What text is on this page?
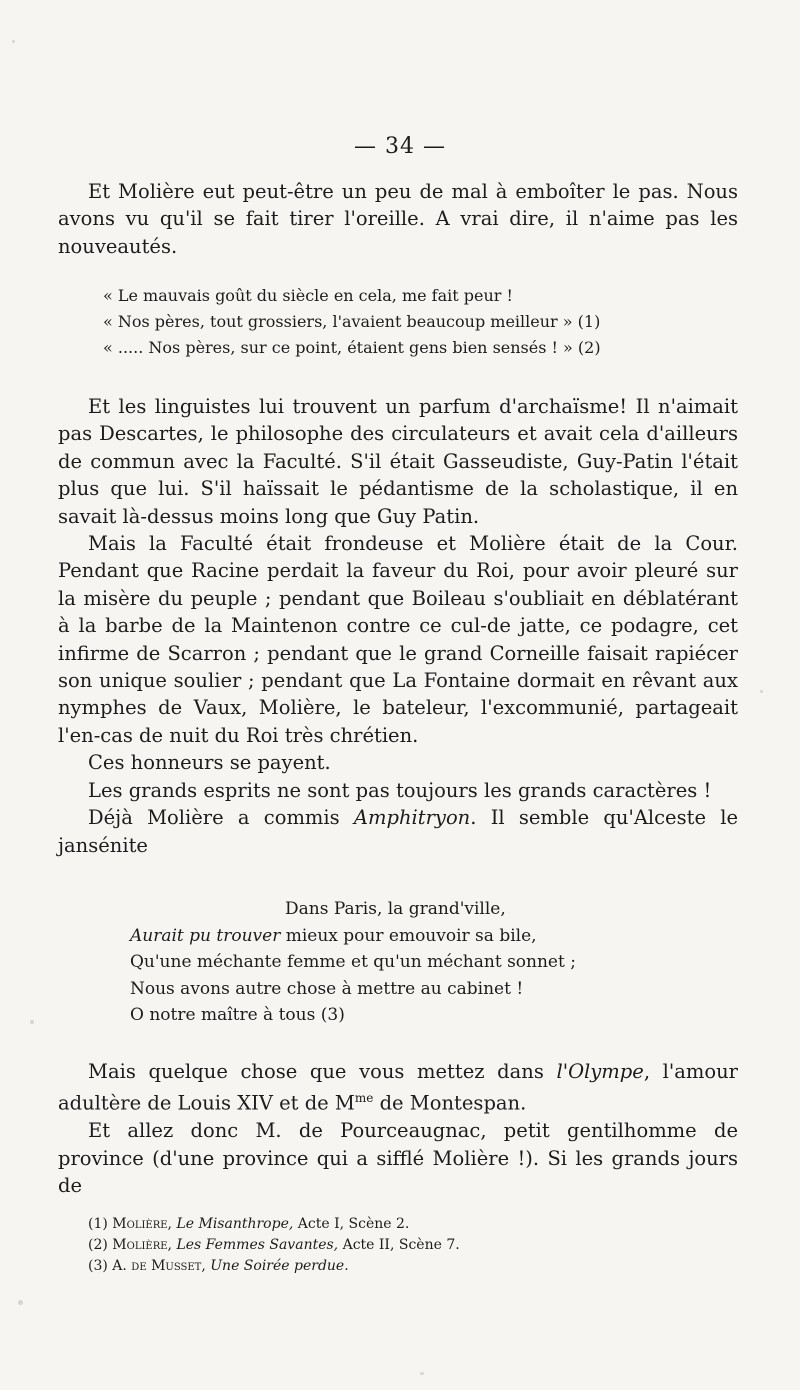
— 34 —

Et Molière eut peut-être un peu de mal à emboîter le pas. Nous avons vu qu'il se fait tirer l'oreille. A vrai dire, il n'aime pas les nouveautés.

« Le mauvais goût du siècle en cela, me fait peur !
« Nos pères, tout grossiers, l'avaient beaucoup meilleur » (1)
« ..... Nos pères, sur ce point, étaient gens bien sensés ! » (2)

Et les linguistes lui trouvent un parfum d'archaïsme! Il n'aimait pas Descartes, le philosophe des circulateurs et avait cela d'ailleurs de commun avec la Faculté. S'il était Gasseudiste, Guy-Patin l'était plus que lui. S'il haïssait le pédantisme de la scholastique, il en savait là-dessus moins long que Guy Patin.

Mais la Faculté était frondeuse et Molière était de la Cour. Pendant que Racine perdait la faveur du Roi, pour avoir pleuré sur la misère du peuple ; pendant que Boileau s'oubliait en déblatérant à la barbe de la Maintenon contre ce cul-de jatte, ce podagre, cet infirme de Scarron ; pendant que le grand Corneille faisait rapiécer son unique soulier ; pendant que La Fontaine dormait en rêvant aux nymphes de Vaux, Molière, le bateleur, l'excommunié, partageait l'en-cas de nuit du Roi très chrétien.

Ces honneurs se payent.

Les grands esprits ne sont pas toujours les grands caractères !

Déjà Molière a commis Amphitryon. Il semble qu'Alceste le jansénite

Dans Paris, la grand'ville,
Aurait pu trouver mieux pour emouvoir sa bile,
Qu'une méchante femme et qu'un méchant sonnet ;
Nous avons autre chose à mettre au cabinet !
O notre maître à tous (3)

Mais quelque chose que vous mettez dans l'Olympe, l'amour adultère de Louis XIV et de $M^{me}$ de Montespan.

Et allez donc M. de Pourceaugnac, petit gentilhomme de province (d'une province qui a sifflé Molière !). Si les grands jours de

(1) Molière, Le Misanthrope, Acte I, Scène 2.
(2) Molière, Les Femmes Savantes, Acte II, Scène 7.
(3) A. de Musset, Une Soirée perdue.
